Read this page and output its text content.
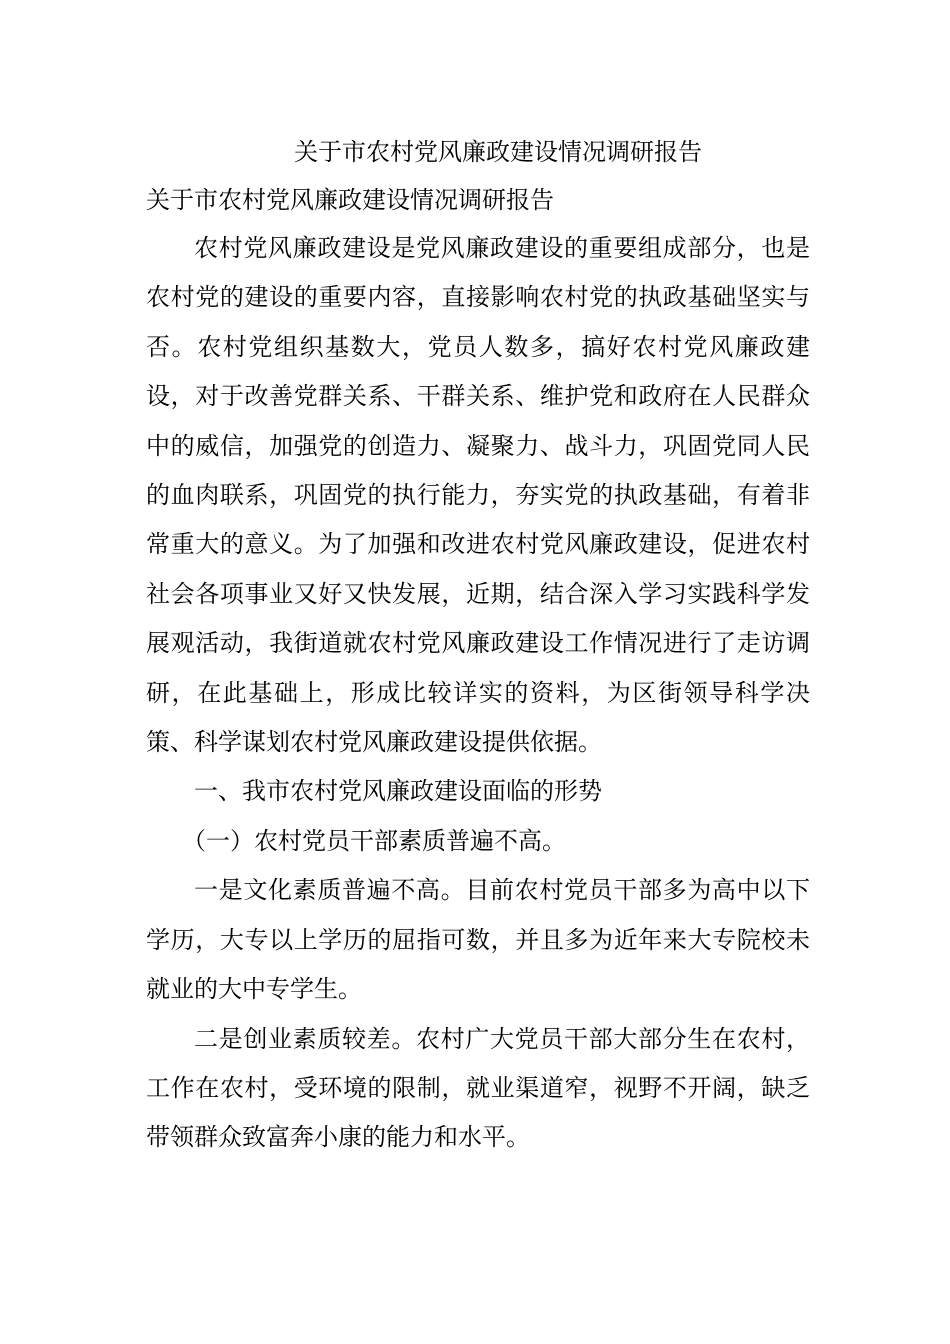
关于市农村党风廉政建设情况调研报告

关于市农村党风廉政建设情况调研报告

农村党风廉政建设是党风廉政建设的重要组成部分，也是农村党的建设的重要内容，直接影响农村党的执政基础坚实与否。农村党组织基数大，党员人数多，搞好农村党风廉政建设，对于改善党群关系、干群关系、维护党和政府在人民群众中的威信，加强党的创造力、凝聚力、战斗力，巩固党同人民的血肉联系，巩固党的执行能力，夯实党的执政基础，有着非常重大的意义。为了加强和改进农村党风廉政建设，促进农村社会各项事业又好又快发展，近期，结合深入学习实践科学发展观活动，我街道就农村党风廉政建设工作情况进行了走访调研，在此基础上，形成比较详实的资料，为区街领导科学决策、科学谋划农村党风廉政建设提供依据。

一、我市农村党风廉政建设面临的形势

（一）农村党员干部素质普遍不高。

一是文化素质普遍不高。目前农村党员干部多为高中以下学历，大专以上学历的屈指可数，并且多为近年来大专院校未就业的大中专学生。

二是创业素质较差。农村广大党员干部大部分生在农村，工作在农村，受环境的限制，就业渠道窄，视野不开阔，缺乏带领群众致富奔小康的能力和水平。
